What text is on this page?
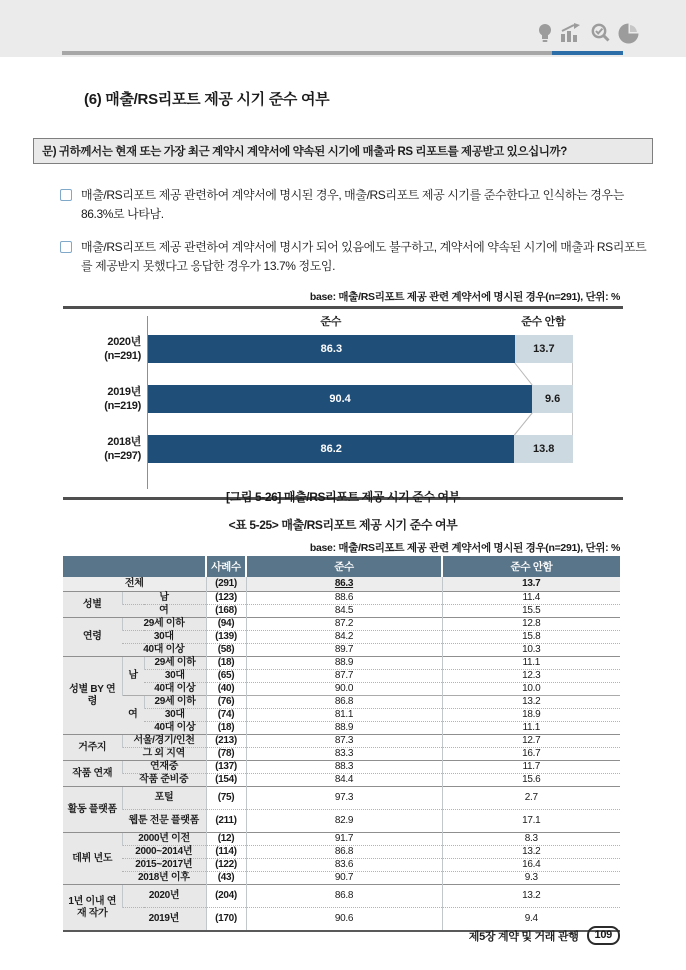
(6) 매출/RS리포트 제공 시기 준수 여부
문) 귀하께서는 현재 또는 가장 최근 계약시 계약서에 약속된 시기에 매출과 RS 리포트를 제공받고 있으십니까?
매출/RS리포트 제공 관련하여 계약서에 명시된 경우, 매출/RS리포트 제공 시기를 준수한다고 인식하는 경우는 86.3%로 나타남.
매출/RS리포트 제공 관련하여 계약서에 명시가 되어 있음에도 불구하고, 계약서에 약속된 시기에 매출과 RS리포트를 제공받지 못했다고 응답한 경우가 13.7% 정도임.
base: 매출/RS리포트 제공 관련 계약서에 명시된 경우(n=291), 단위: %
준수	준수 안함
86.3	13.7
2020년
(n=291)
90.4	9.6
2019년
(n=219)
86.2	13.8
2018년
(n=297)
[그림 5-26] 매출/RS리포트 제공 시기 준수 여부
<표 5-25> 매출/RS리포트 제공 시기 준수 여부
base: 매출/RS리포트 제공 관련 계약서에 명시된 경우(n=291), 단위: %
			사례수	준수	준수 안함
전체			(291)	86.3	13.7
성별	남		(123)	88.6	11.4
	여		(168)	84.5	15.5
연령	29세 이하		(94)	87.2	12.8
	30대		(139)	84.2	15.8
	40대 이상		(58)	89.7	10.3
성별 BY 연령	남	29세 이하	(18)	88.9	11.1
		30대	(65)	87.7	12.3
		40대 이상	(40)	90.0	10.0
	여	29세 이하	(76)	86.8	13.2
		30대	(74)	81.1	18.9
		40대 이상	(18)	88.9	11.1
거주지	서울/경기/인천		(213)	87.3	12.7
	그 외 지역		(78)	83.3	16.7
작품 연재	연재중		(137)	88.3	11.7
	작품 준비중		(154)	84.4	15.6
활동 플랫폼	포털		(75)	97.3	2.7
	웹툰 전문 플랫폼		(211)	82.9	17.1
데뷔 년도	2000년 이전		(12)	91.7	8.3
	2000~2014년		(114)	86.8	13.2
	2015~2017년		(122)	83.6	16.4
	2018년 이후		(43)	90.7	9.3
1년 이내 연재 작가	2020년		(204)	86.8	13.2
	2019년		(170)	90.6	9.4
제5장 계약 및 거래 관행	109
